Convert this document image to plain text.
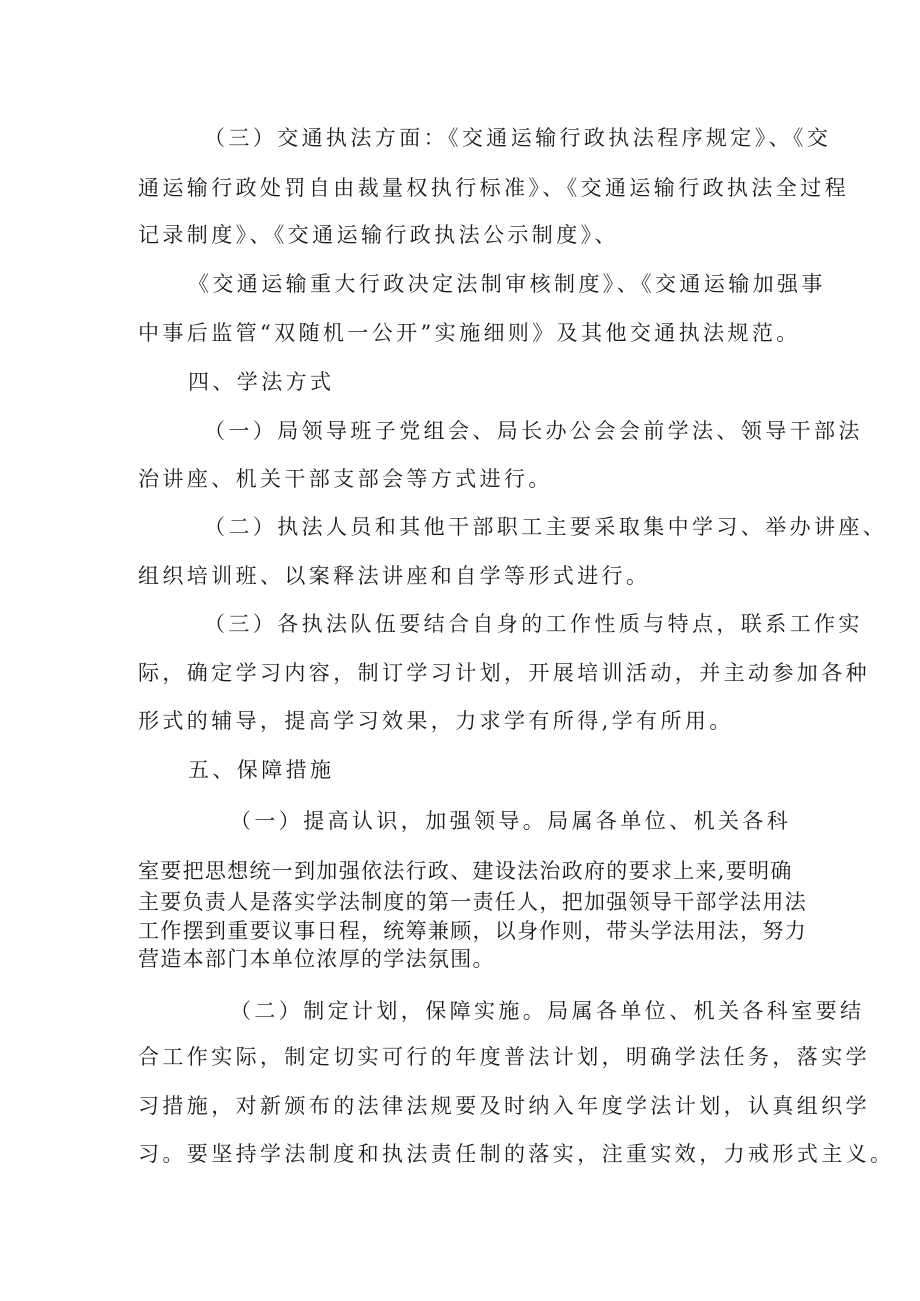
（三）交通执法方面：《交通运输行政执法程序规定》、《交

通运输行政处罚自由裁量权执行标准》、《交通运输行政执法全过程

记录制度》、《交通运输行政执法公示制度》、

《交通运输重大行政决定法制审核制度》、《交通运输加强事

中事后监管“双随机一公开”实施细则》及其他交通执法规范。

四、学法方式

（一）局领导班子党组会、局长办公会会前学法、领导干部法

治讲座、机关干部支部会等方式进行。

（二）执法人员和其他干部职工主要采取集中学习、举办讲座、

组织培训班、以案释法讲座和自学等形式进行。

（三）各执法队伍要结合自身的工作性质与特点，联系工作实

际，确定学习内容，制订学习计划，开展培训活动，并主动参加各种

形式的辅导，提高学习效果，力求学有所得,学有所用。

五、保障措施

（一）提高认识，加强领导。局属各单位、机关各科

室要把思想统一到加强依法行政、建设法治政府的要求上来,要明确

主要负责人是落实学法制度的第一责任人，把加强领导干部学法用法

工作摆到重要议事日程，统筹兼顾，以身作则，带头学法用法，努力

营造本部门本单位浓厚的学法氛围。

（二）制定计划，保障实施。局属各单位、机关各科室要结

合工作实际，制定切实可行的年度普法计划，明确学法任务，落实学

习措施，对新颁布的法律法规要及时纳入年度学法计划，认真组织学

习。要坚持学法制度和执法责任制的落实，注重实效，力戒形式主义。
